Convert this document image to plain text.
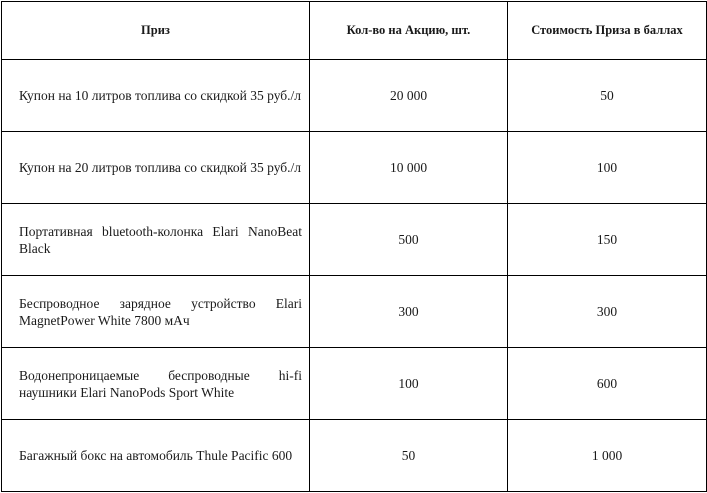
Приз	Кол-во на Акцию, шт.	Стоимость Приза в баллах
Купон на 10 литров топлива со скидкой 35 руб./л	20 000	50
Купон на 20 литров топлива со скидкой 35 руб./л	10 000	100
Портативная bluetooth-колонка Elari NanoBeat Black	500	150
Беспроводное зарядное устройство Elari MagnetPower White 7800 мАч	300	300
Водонепроницаемые беспроводные hi-fi наушники Elari NanoPods Sport White	100	600
Багажный бокс на автомобиль Thule Pacific 600	50	1 000
